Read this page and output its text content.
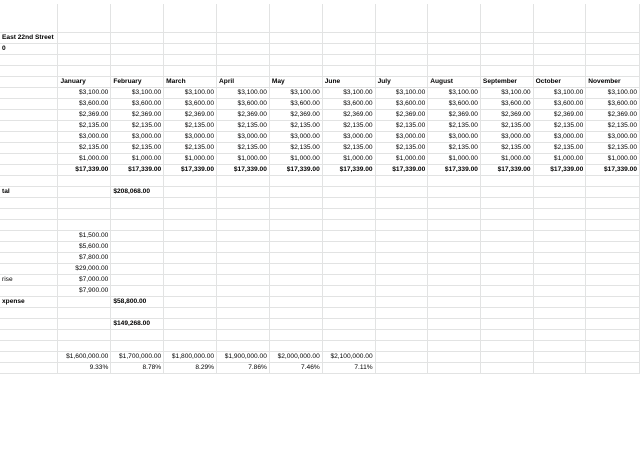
East 22nd Street											
0											

	January	February	March	April	May	June	July	August	September	October	November
	$3,100.00	$3,100.00	$3,100.00	$3,100.00	$3,100.00	$3,100.00	$3,100.00	$3,100.00	$3,100.00	$3,100.00	$3,100.00
	$3,600.00	$3,600.00	$3,600.00	$3,600.00	$3,600.00	$3,600.00	$3,600.00	$3,600.00	$3,600.00	$3,600.00	$3,600.00
	$2,369.00	$2,369.00	$2,369.00	$2,369.00	$2,369.00	$2,369.00	$2,369.00	$2,369.00	$2,369.00	$2,369.00	$2,369.00
	$2,135.00	$2,135.00	$2,135.00	$2,135.00	$2,135.00	$2,135.00	$2,135.00	$2,135.00	$2,135.00	$2,135.00	$2,135.00
	$3,000.00	$3,000.00	$3,000.00	$3,000.00	$3,000.00	$3,000.00	$3,000.00	$3,000.00	$3,000.00	$3,000.00	$3,000.00
	$2,135.00	$2,135.00	$2,135.00	$2,135.00	$2,135.00	$2,135.00	$2,135.00	$2,135.00	$2,135.00	$2,135.00	$2,135.00
	$1,000.00	$1,000.00	$1,000.00	$1,000.00	$1,000.00	$1,000.00	$1,000.00	$1,000.00	$1,000.00	$1,000.00	$1,000.00
	$17,339.00	$17,339.00	$17,339.00	$17,339.00	$17,339.00	$17,339.00	$17,339.00	$17,339.00	$17,339.00	$17,339.00	$17,339.00

tal		$208,068.00									

	$1,500.00										
	$5,600.00										
	$7,800.00										
	$29,000.00										
rise	$7,000.00										
	$7,900.00										
xpense		$58,800.00									

		$149,268.00									

	$1,600,000.00	$1,700,000.00	$1,800,000.00	$1,900,000.00	$2,000,000.00	$2,100,000.00					
	9.33%	8.78%	8.29%	7.86%	7.46%	7.11%					
